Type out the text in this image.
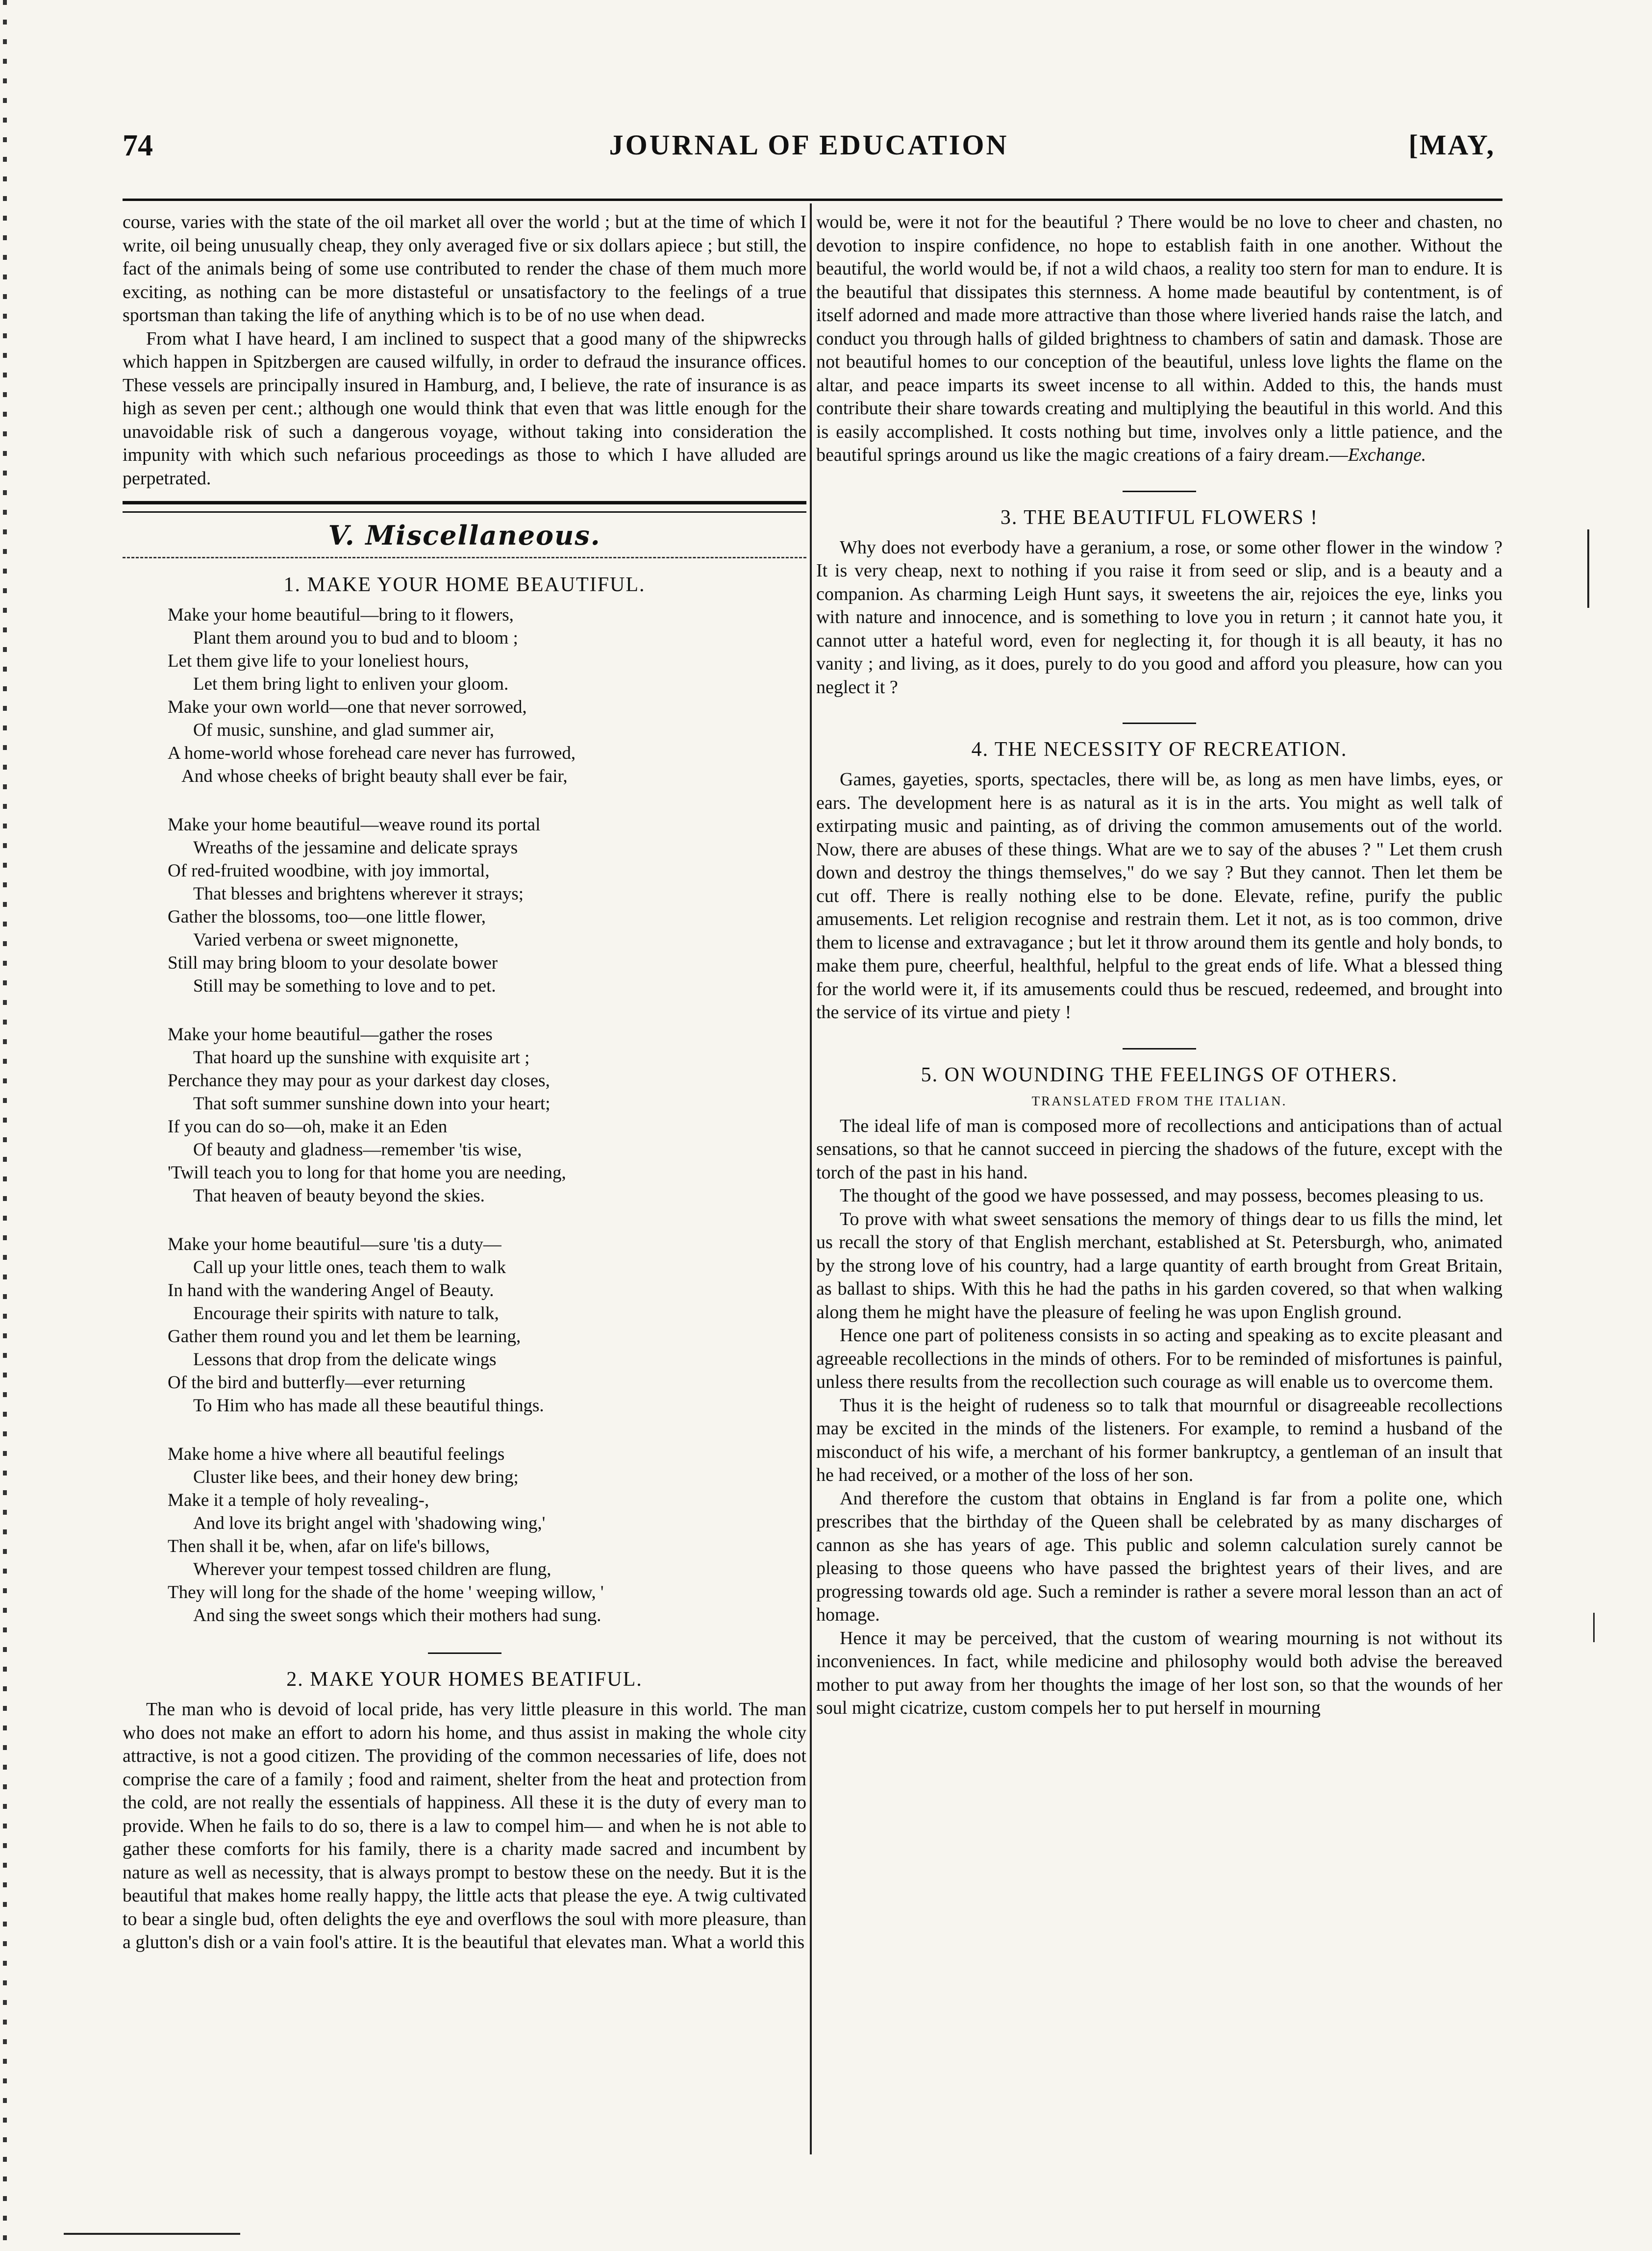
74	JOURNAL OF EDUCATION	[MAY,

course, varies with the state of the oil market all over the world ; but at the time of which I write, oil being unusually cheap, they only averaged five or six dollars apiece ; but still, the fact of the animals being of some use contributed to render the chase of them much more exciting, as nothing can be more distasteful or unsatisfactory to the feelings of a true sportsman than taking the life of anything which is to be of no use when dead.

From what I have heard, I am inclined to suspect that a good many of the shipwrecks which happen in Spitzbergen are caused wilfully, in order to defraud the insurance offices. These vessels are principally insured in Hamburg, and, I believe, the rate of insurance is as high as seven per cent.; although one would think that even that was little enough for the unavoidable risk of such a dangerous voyage, without taking into consideration the impunity with which such nefarious proceedings as those to which I have alluded are perpetrated.

V. Miscellaneous.
1. MAKE YOUR HOME BEAUTIFUL.
Make your home beautiful—bring to it flowers,
Plant them around you to bud and to bloom ;
Let them give life to your loneliest hours,
Let them bring light to enliven your gloom.
Make your own world—one that never sorrowed,
Of music, sunshine, and glad summer air,
A home-world whose forehead care never has furrowed,
And whose cheeks of bright beauty shall ever be fair,
Make your home beautiful—weave round its portal
Wreaths of the jessamine and delicate sprays
Of red-fruited woodbine, with joy immortal,
That blesses and brightens wherever it strays;
Gather the blossoms, too—one little flower,
Varied verbena or sweet mignonette,
Still may bring bloom to your desolate bower
Still may be something to love and to pet.
Make your home beautiful—gather the roses
That hoard up the sunshine with exquisite art ;
Perchance they may pour as your darkest day closes,
That soft summer sunshine down into your heart;
If you can do so—oh, make it an Eden
Of beauty and gladness—remember 'tis wise,
'Twill teach you to long for that home you are needing,
That heaven of beauty beyond the skies.
Make your home beautiful—sure 'tis a duty—
Call up your little ones, teach them to walk
In hand with the wandering Angel of Beauty.
Encourage their spirits with nature to talk,
Gather them round you and let them be learning,
Lessons that drop from the delicate wings
Of the bird and butterfly—ever returning
To Him who has made all these beautiful things.
Make home a hive where all beautiful feelings
Cluster like bees, and their honey dew bring;
Make it a temple of holy revealing-,
And love its bright angel with 'shadowing wing,'
Then shall it be, when, afar on life's billows,
Wherever your tempest tossed children are flung,
They will long for the shade of the home ' weeping willow, '
And sing the sweet songs which their mothers had sung.
2. MAKE YOUR HOMES BEATIFUL.

The man who is devoid of local pride, has very little pleasure in this world. The man who does not make an effort to adorn his home, and thus assist in making the whole city attractive, is not a good citizen. The providing of the common necessaries of life, does not comprise the care of a family ; food and raiment, shelter from the heat and protection from the cold, are not really the essentials of happiness. All these it is the duty of every man to provide. When he fails to do so, there is a law to compel him— and when he is not able to gather these comforts for his family, there is a charity made sacred and incumbent by nature as well as necessity, that is always prompt to bestow these on the needy. But it is the beautiful that makes home really happy, the little acts that please the eye. A twig cultivated to bear a single bud, often delights the eye and overflows the soul with more pleasure, than a glutton's dish or a vain fool's attire. It is the beautiful that elevates man. What a world this

would be, were it not for the beautiful ? There would be no love to cheer and chasten, no devotion to inspire confidence, no hope to establish faith in one another. Without the beautiful, the world would be, if not a wild chaos, a reality too stern for man to endure. It is the beautiful that dissipates this sternness. A home made beautiful by contentment, is of itself adorned and made more attractive than those where liveried hands raise the latch, and conduct you through halls of gilded brightness to chambers of satin and damask. Those are not beautiful homes to our conception of the beautiful, unless love lights the flame on the altar, and peace imparts its sweet incense to all within. Added to this, the hands must contribute their share towards creating and multiplying the beautiful in this world. And this is easily accomplished. It costs nothing but time, involves only a little patience, and the beautiful springs around us like the magic creations of a fairy dream.—Exchange.

3. THE BEAUTIFUL FLOWERS !

Why does not everbody have a geranium, a rose, or some other flower in the window ? It is very cheap, next to nothing if you raise it from seed or slip, and is a beauty and a companion. As charming Leigh Hunt says, it sweetens the air, rejoices the eye, links you with nature and innocence, and is something to love you in return ; it cannot hate you, it cannot utter a hateful word, even for neglecting it, for though it is all beauty, it has no vanity ; and living, as it does, purely to do you good and afford you pleasure, how can you neglect it ?

4. THE NECESSITY OF RECREATION.

Games, gayeties, sports, spectacles, there will be, as long as men have limbs, eyes, or ears. The development here is as natural as it is in the arts. You might as well talk of extirpating music and painting, as of driving the common amusements out of the world. Now, there are abuses of these things. What are we to say of the abuses ? " Let them crush down and destroy the things themselves," do we say ? But they cannot. Then let them be cut off. There is really nothing else to be done. Elevate, refine, purify the public amusements. Let religion recognise and restrain them. Let it not, as is too common, drive them to license and extravagance ; but let it throw around them its gentle and holy bonds, to make them pure, cheerful, healthful, helpful to the great ends of life. What a blessed thing for the world were it, if its amusements could thus be rescued, redeemed, and brought into the service of its virtue and piety !

5. ON WOUNDING THE FEELINGS OF OTHERS.
TRANSLATED FROM THE ITALIAN.

The ideal life of man is composed more of recollections and anticipations than of actual sensations, so that he cannot succeed in piercing the shadows of the future, except with the torch of the past in his hand.

The thought of the good we have possessed, and may possess, becomes pleasing to us.

To prove with what sweet sensations the memory of things dear to us fills the mind, let us recall the story of that English merchant, established at St. Petersburgh, who, animated by the strong love of his country, had a large quantity of earth brought from Great Britain, as ballast to ships. With this he had the paths in his garden covered, so that when walking along them he might have the pleasure of feeling he was upon English ground.

Hence one part of politeness consists in so acting and speaking as to excite pleasant and agreeable recollections in the minds of others. For to be reminded of misfortunes is painful, unless there results from the recollection such courage as will enable us to overcome them.

Thus it is the height of rudeness so to talk that mournful or disagreeable recollections may be excited in the minds of the listeners. For example, to remind a husband of the misconduct of his wife, a merchant of his former bankruptcy, a gentleman of an insult that he had received, or a mother of the loss of her son.

And therefore the custom that obtains in England is far from a polite one, which prescribes that the birthday of the Queen shall be celebrated by as many discharges of cannon as she has years of age. This public and solemn calculation surely cannot be pleasing to those queens who have passed the brightest years of their lives, and are progressing towards old age. Such a reminder is rather a severe moral lesson than an act of homage.

Hence it may be perceived, that the custom of wearing mourning is not without its inconveniences. In fact, while medicine and philosophy would both advise the bereaved mother to put away from her thoughts the image of her lost son, so that the wounds of her soul might cicatrize, custom compels her to put herself in mourning
